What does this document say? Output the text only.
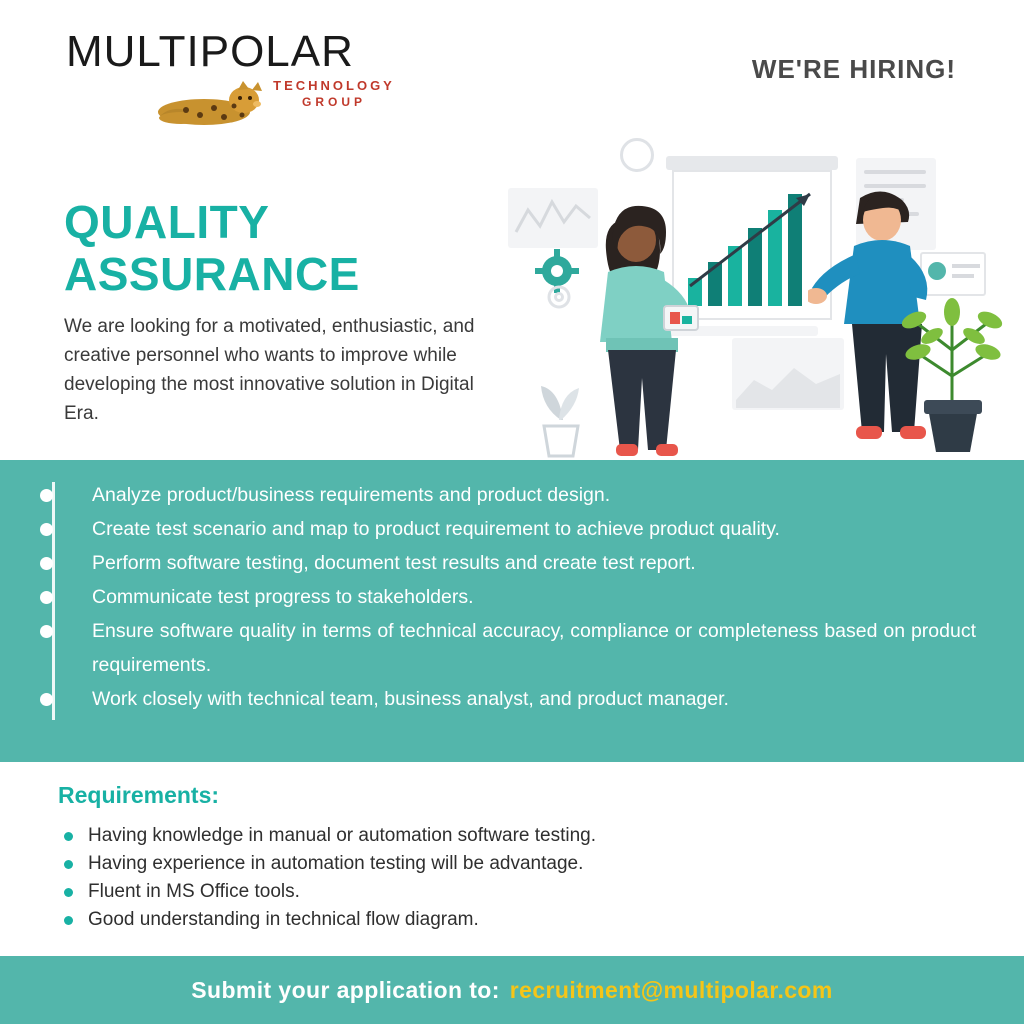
MULTIPOLAR
TECHNOLOGY
GROUP
WE'RE HIRING!
QUALITY
ASSURANCE
We are looking for a motivated, enthusiastic, and creative personnel who wants to improve while developing the most innovative solution in Digital Era.
Analyze product/business requirements and product design.
Create test scenario and map to product requirement to achieve product quality.
Perform software testing, document test results and create test report.
Communicate test progress to stakeholders.
Ensure software quality in terms of technical accuracy, compliance or completeness based on product requirements.
Work closely with technical team, business analyst, and product manager.
Requirements:
Having knowledge in manual or automation software testing.
Having experience in automation testing will be advantage.
Fluent in MS Office tools.
Good understanding in technical flow diagram.
Submit your application to: recruitment@multipolar.com
